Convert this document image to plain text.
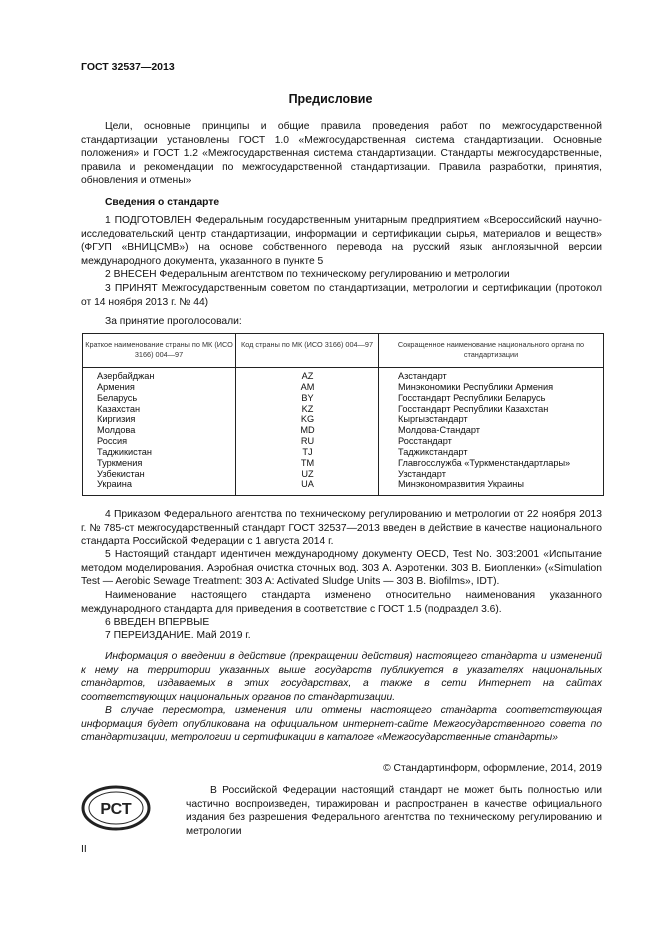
ГОСТ 32537—2013
Предисловие
Цели, основные принципы и общие правила проведения работ по межгосударственной стандартизации установлены ГОСТ 1.0 «Межгосударственная система стандартизации. Основные положения» и ГОСТ 1.2 «Межгосударственная система стандартизации. Стандарты межгосударственные, правила и рекомендации по межгосударственной стандартизации. Правила разработки, принятия, обновления и отмены»
Сведения о стандарте
1 ПОДГОТОВЛЕН Федеральным государственным унитарным предприятием «Всероссийский научно-исследовательский центр стандартизации, информации и сертификации сырья, материалов и веществ» (ФГУП «ВНИЦСМВ») на основе собственного перевода на русский язык англоязычной версии международного документа, указанного в пункте 5
2 ВНЕСЕН Федеральным агентством по техническому регулированию и метрологии
3 ПРИНЯТ Межгосударственным советом по стандартизации, метрологии и сертификации (протокол от 14 ноября 2013 г. № 44)
За принятие проголосовали:
Краткое наименование страны по МК (ИСО 3166) 004—97
Код страны по МК (ИСО 3166) 004—97	Сокращенное наименование национального органа по стандартизации
Азербайджан
Армения
Беларусь
Казахстан
Киргизия
Молдова
Россия
Таджикистан
Туркмения
Узбекистан
Украина
AZ
AM
BY
KZ
KG
MD
RU
TJ
TM
UZ
UA
Азстандарт
Минэкономики Республики Армения
Госстандарт Республики Беларусь
Госстандарт Республики Казахстан
Кыргызстандарт
Молдова-Стандарт
Росстандарт
Таджикстандарт
Главгосслужба «Туркменстандартлары»
Узстандарт
Минэкономразвития Украины
4 Приказом Федерального агентства по техническому регулированию и метрологии от 22 ноября 2013 г. № 785-ст межгосударственный стандарт ГОСТ 32537—2013 введен в действие в качестве национального стандарта Российской Федерации с 1 августа 2014 г.
5 Настоящий стандарт идентичен международному документу OECD, Test No. 303:2001 «Испытание методом моделирования. Аэробная очистка сточных вод. 303 А. Аэротенки. 303 В. Биопленки» («Simulation Test — Aerobic Sewage Treatment: 303 A: Activated Sludge Units — 303 B. Biofilms», IDT).
Наименование настоящего стандарта изменено относительно наименования указанного международного стандарта для приведения в соответствие с ГОСТ 1.5 (подраздел 3.6).
6 ВВЕДЕН ВПЕРВЫЕ
7 ПЕРЕИЗДАНИЕ. Май 2019 г.
Информация о введении в действие (прекращении действия) настоящего стандарта и изменений к нему на территории указанных выше государств публикуется в указателях национальных стандартов, издаваемых в этих государствах, а также в сети Интернет на сайтах соответствующих национальных органов по стандартизации.
В случае пересмотра, изменения или отмены настоящего стандарта соответствующая информация будет опубликована на официальном интернет-сайте Межгосударственного совета по стандартизации, метрологии и сертификации в каталоге «Межгосударственные стандарты»
© Стандартинформ, оформление, 2014, 2019
РСТ
В Российской Федерации настоящий стандарт не может быть полностью или частично воспроизведен, тиражирован и распространен в качестве официального издания без разрешения Федерального агентства по техническому регулированию и метрологии
II
